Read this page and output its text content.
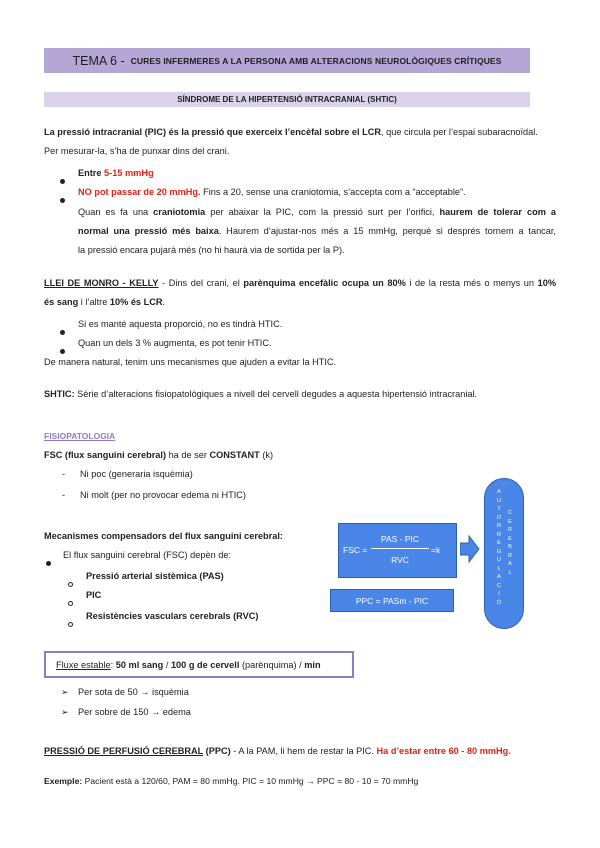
TEMA 6 - CURES INFERMERES A LA PERSONA AMB ALTERACIONS NEUROLÒGIQUES CRÍTIQUES
SÍNDROME DE LA HIPERTENSIÓ INTRACRANIAL (SHTIC)
La pressió intracranial (PIC) és la pressió que exerceix l’encèfal sobre el LCR, que circula per l’espai subaracnoïdal.
Per mesurar-la, s’ha de punxar dins del crani.
Entre 5-15 mmHg
NO pot passar de 20 mmHg. Fins a 20, sense una craniotomia, s’accepta com a “acceptable”.
Quan es fa una craniotomia per abaixar la PIC, com la pressió surt per l’orifici, haurem de tolerar com a
normal una pressió més baixa. Haurem d’ajustar-nos més a 15 mmHg, perquè si després tornem a tancar,
la pressió encara pujarà més (no hi haurà via de sortida per la P).
LLEI DE MONRO - KELLY - Dins del crani, el parènquima encefàlic ocupa un 80% i de la resta més o menys un 10%
és sang i l’altre 10% és LCR.
Si es manté aquesta proporció, no es tindrà HTIC.
Quan un dels 3 % augmenta, es pot tenir HTIC.
De manera natural, tenim uns mecanismes que ajuden a evitar la HTIC.
SHTIC: Sèrie d’alteracions fisiopatològiques a nivell del cervell degudes a aquesta hipertensió intracranial.
FISIOPATOLOGIA
FSC (flux sanguini cerebral) ha de ser CONSTANT (k)
- Ni poc (generaria isquèmia)
- Ni molt (per no provocar edema ni HTIC)
Mecanismes compensadors del flux sanguini cerebral:
El flux sanguini cerebral (FSC) depèn de:
Pressió arterial sistèmica (PAS)
PIC
Resistències vasculars cerebrals (RVC)
FSC =
PAS - PIC
RVC
=k
PPC = PASm - PIC
A
U
T
O
R
R
E
G
U
L
A
C
I
Ó
C
E
R
E
B
R
A
L
Fluxe estable: 50 ml sang / 100 g de cervell (parènquima) / min
➢ Per sota de 50 → isquèmia
➢ Per sobre de 150 → edema
PRESSIÓ DE PERFUSIÓ CEREBRAL (PPC) - A la PAM, li hem de restar la PIC. Ha d’estar entre 60 - 80 mmHg.
Exemple: Pacient està a 120/60, PAM = 80 mmHg. PIC = 10 mmHg → PPC = 80 - 10 = 70 mmHg
